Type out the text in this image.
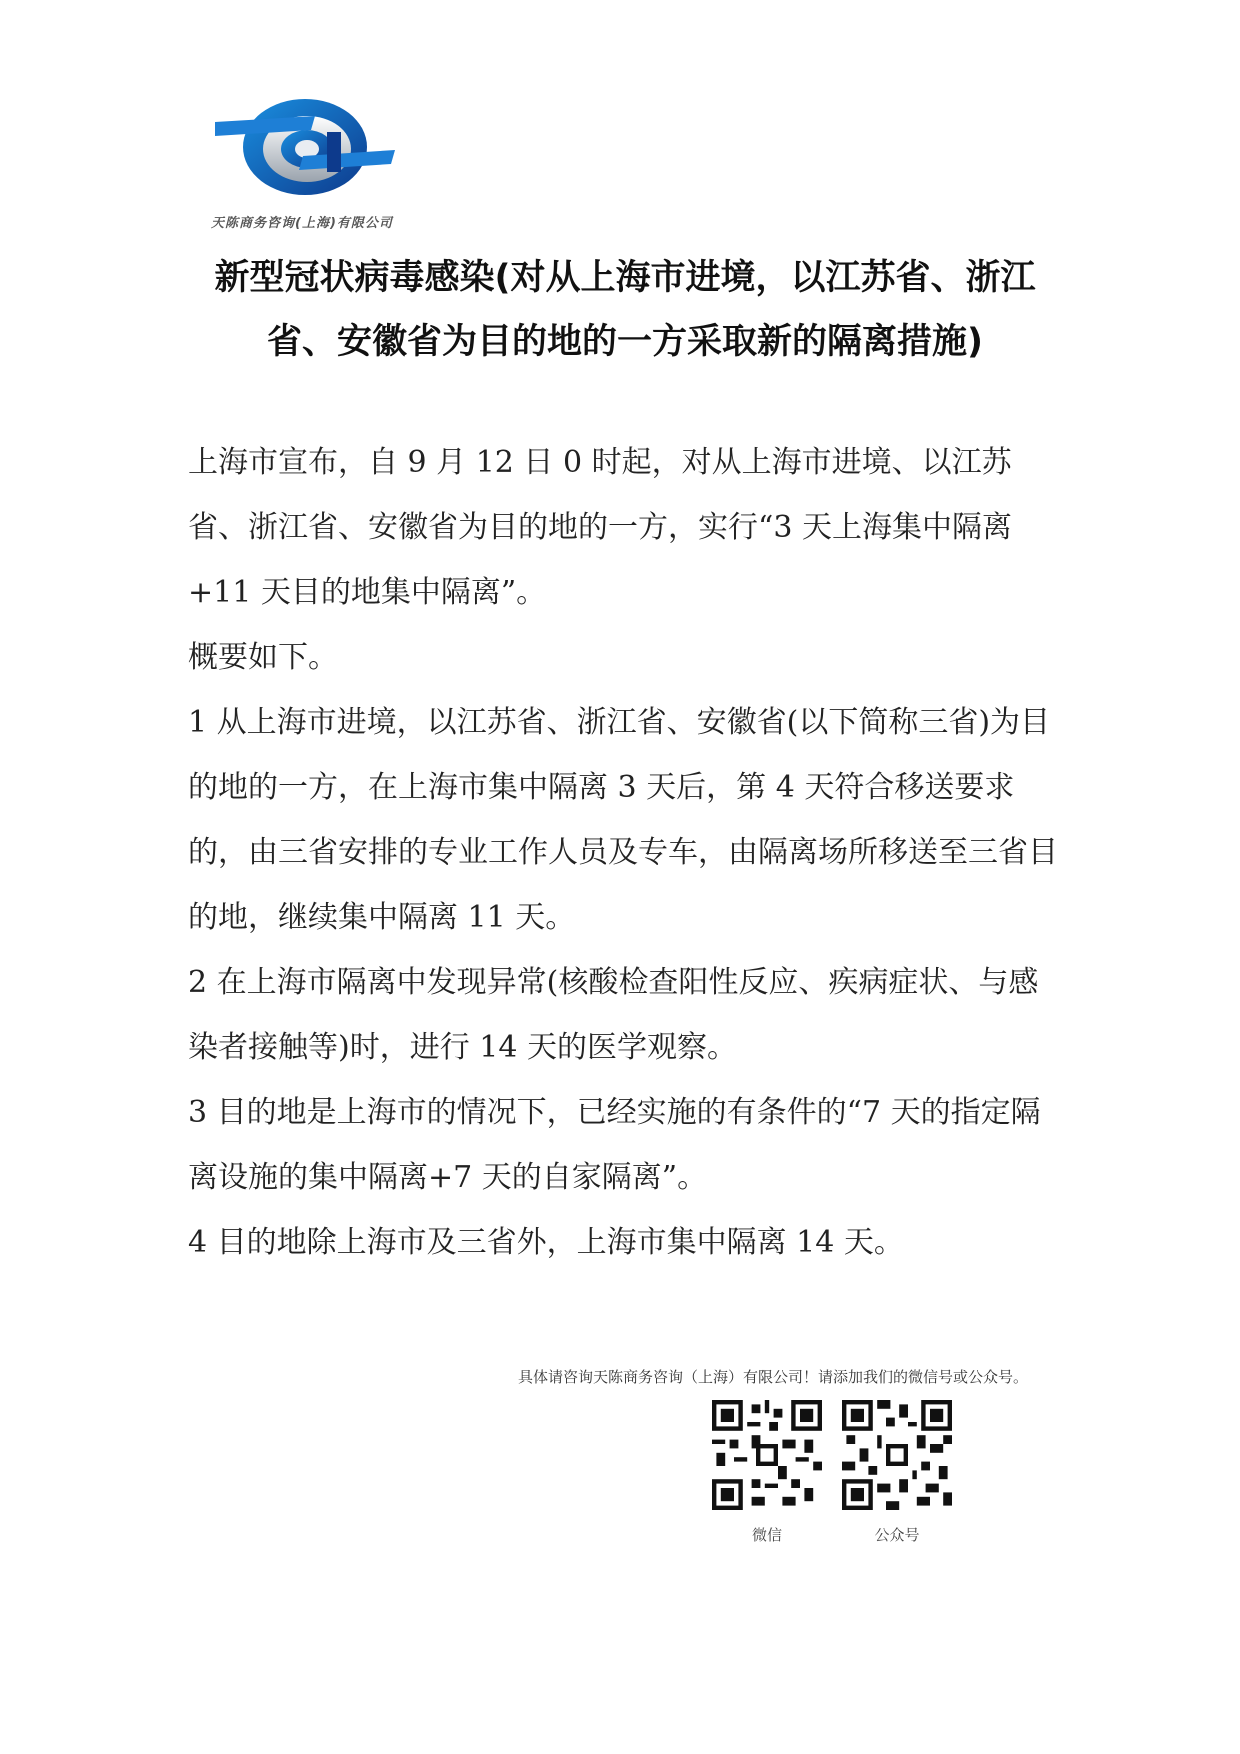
天陈商务咨询(上海)有限公司
新型冠状病毒感染(对从上海市进境，以江苏省、浙江省、安徽省为目的地的一方采取新的隔离措施)

上海市宣布，自 9 月 12 日 0 时起，对从上海市进境、以江苏省、浙江省、安徽省为目的地的一方，实行“3 天上海集中隔离+11 天目的地集中隔离”。

概要如下。

1 从上海市进境，以江苏省、浙江省、安徽省(以下简称三省)为目的地的一方，在上海市集中隔离 3 天后，第 4 天符合移送要求的，由三省安排的专业工作人员及专车，由隔离场所移送至三省目的地，继续集中隔离 11 天。

2 在上海市隔离中发现异常(核酸检查阳性反应、疾病症状、与感染者接触等)时，进行 14 天的医学观察。

3 目的地是上海市的情况下，已经实施的有条件的“7 天的指定隔离设施的集中隔离+7 天的自家隔离”。

4 目的地除上海市及三省外，上海市集中隔离 14 天。

具体请咨询天陈商务咨询（上海）有限公司！请添加我们的微信号或公众号。
微信	公众号
